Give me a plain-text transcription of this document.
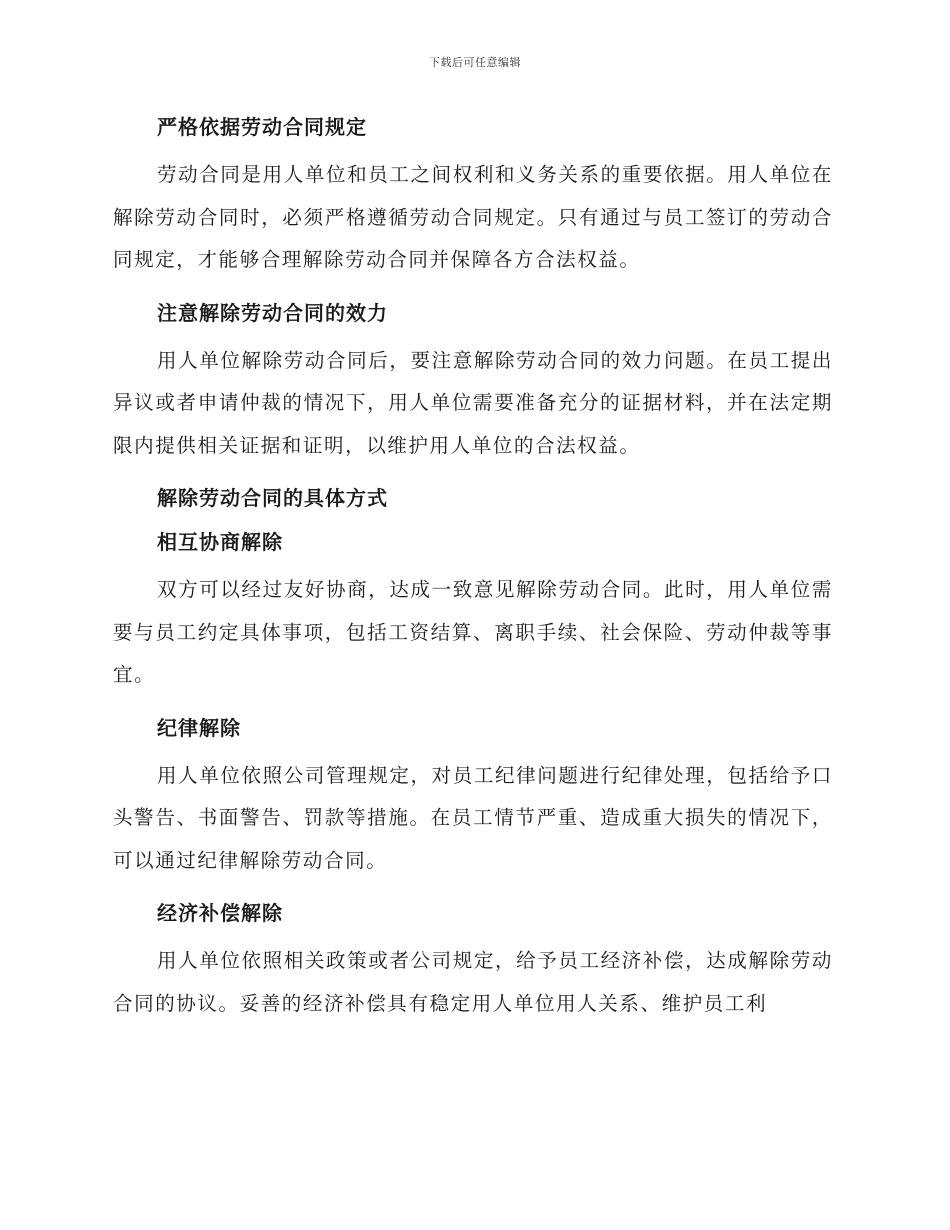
下载后可任意编辑
严格依据劳动合同规定

劳动合同是用人单位和员工之间权利和义务关系的重要依据。用人单位在解除劳动合同时，必须严格遵循劳动合同规定。只有通过与员工签订的劳动合同规定，才能够合理解除劳动合同并保障各方合法权益。

注意解除劳动合同的效力

用人单位解除劳动合同后，要注意解除劳动合同的效力问题。在员工提出异议或者申请仲裁的情况下，用人单位需要准备充分的证据材料，并在法定期限内提供相关证据和证明，以维护用人单位的合法权益。

解除劳动合同的具体方式
相互协商解除

双方可以经过友好协商，达成一致意见解除劳动合同。此时，用人单位需要与员工约定具体事项，包括工资结算、离职手续、社会保险、劳动仲裁等事宜。

纪律解除

用人单位依照公司管理规定，对员工纪律问题进行纪律处理，包括给予口头警告、书面警告、罚款等措施。在员工情节严重、造成重大损失的情况下，可以通过纪律解除劳动合同。

经济补偿解除

用人单位依照相关政策或者公司规定，给予员工经济补偿，达成解除劳动合同的协议。妥善的经济补偿具有稳定用人单位用人关系、维护员工利
